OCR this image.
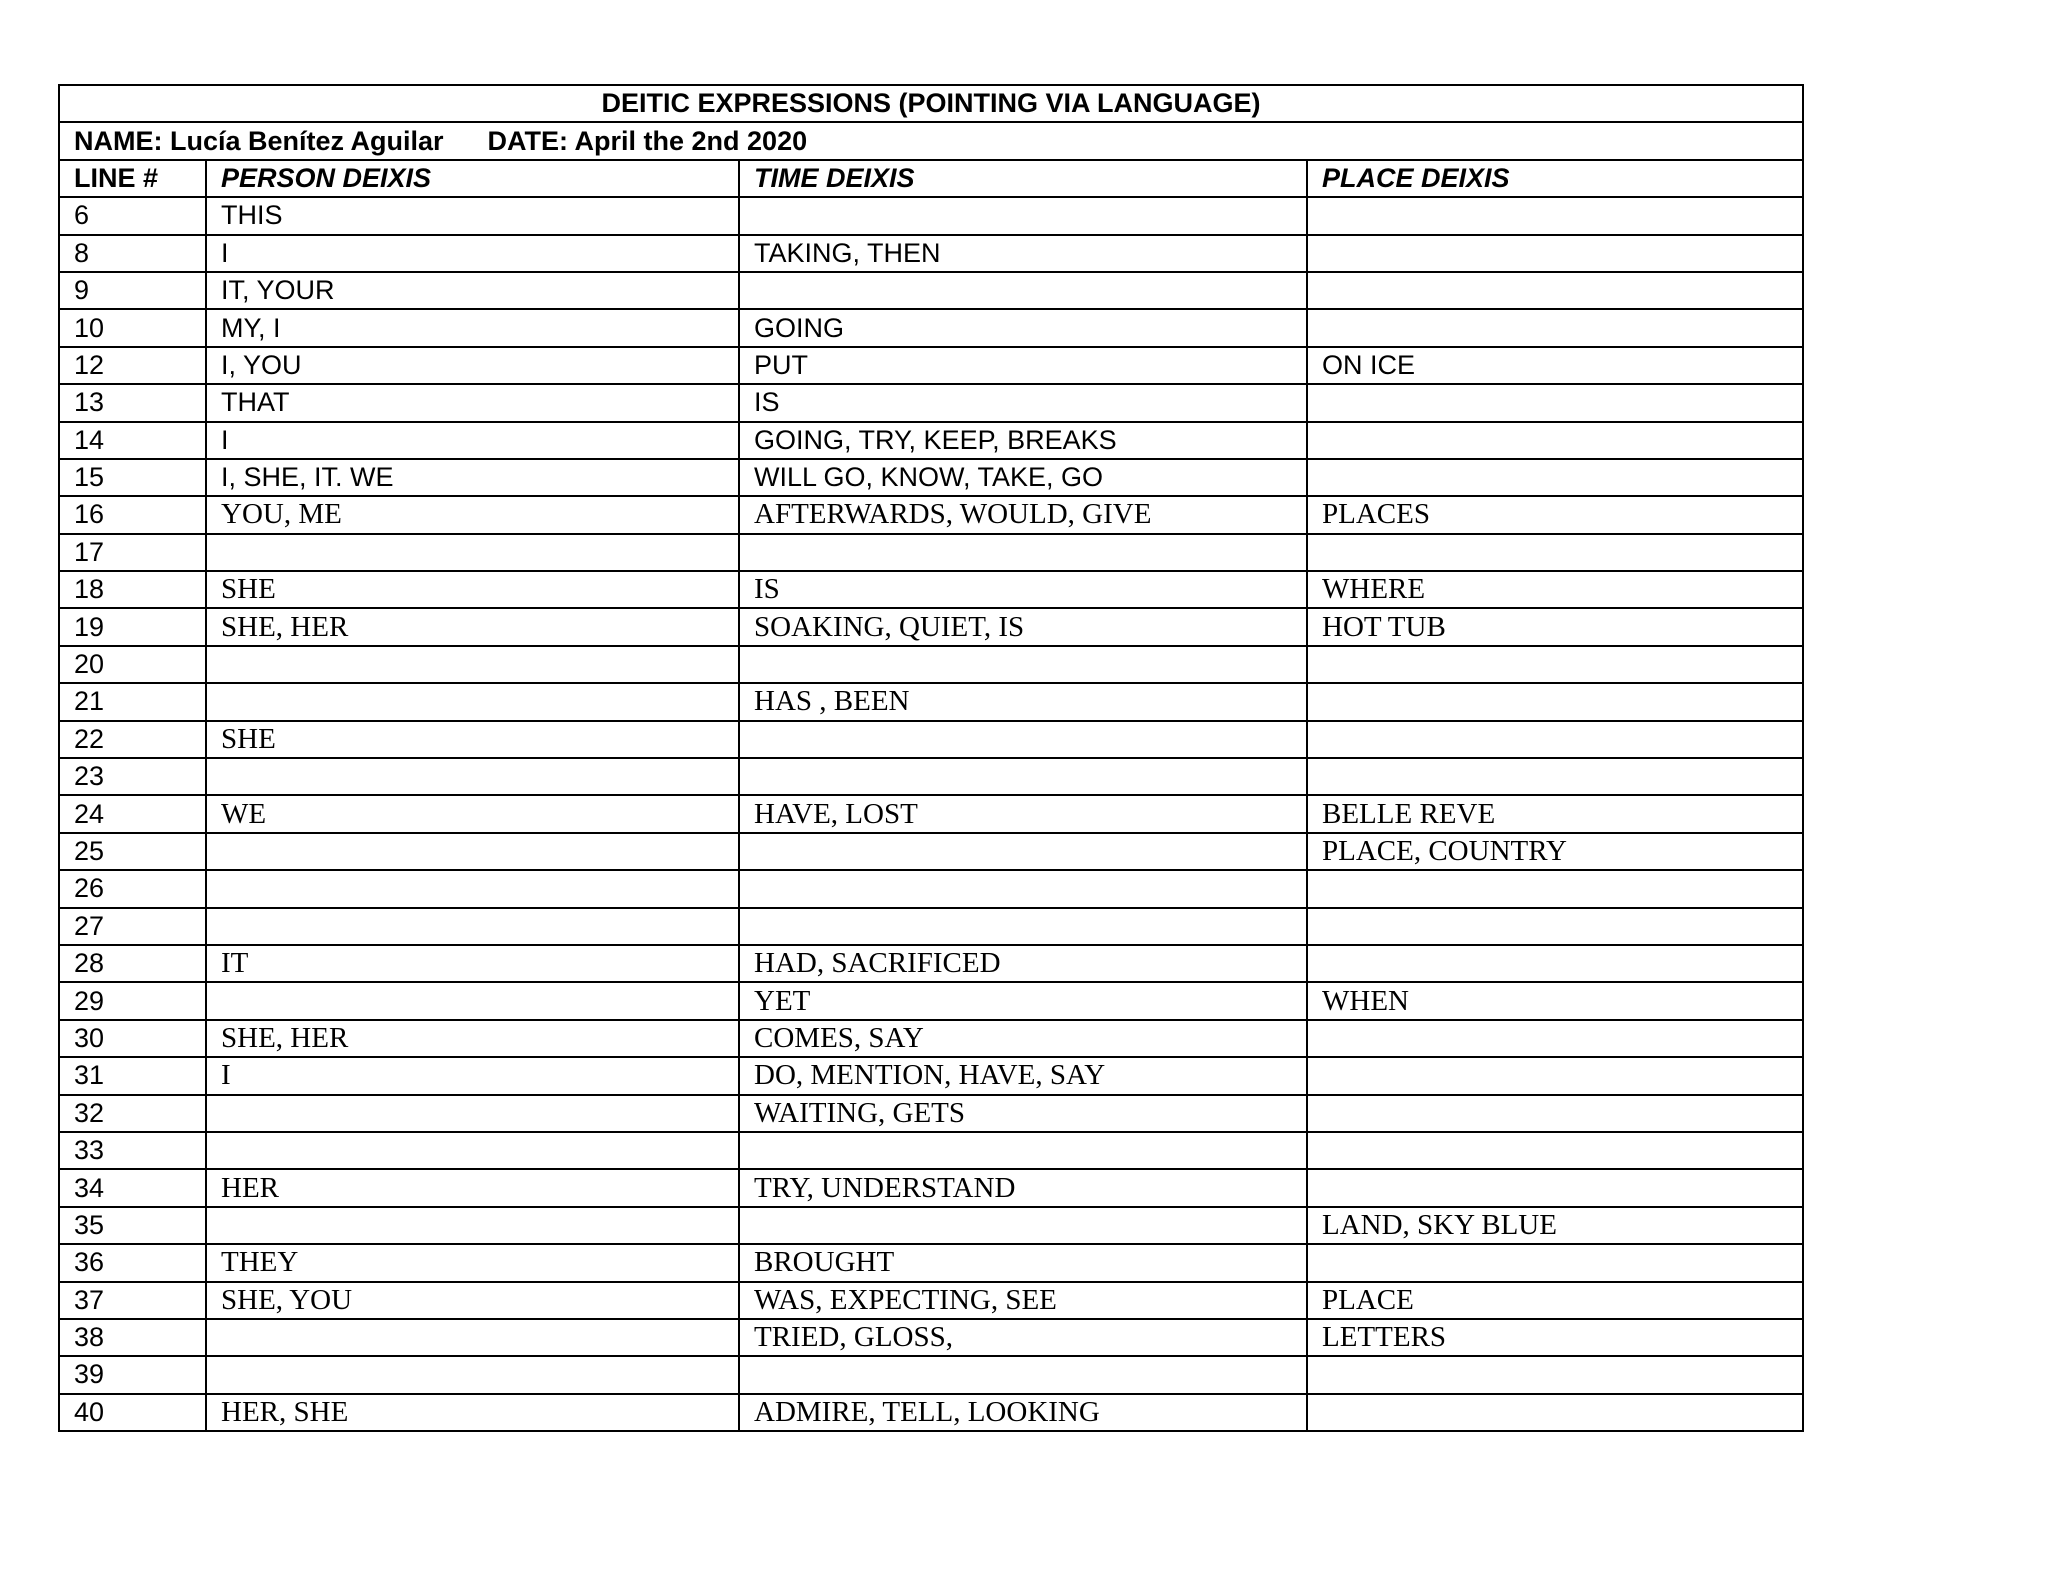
DEITIC EXPRESSIONS (POINTING VIA LANGUAGE)			
NAME: Lucía Benítez Aguilar DATE: April the 2nd 2020			
LINE #	PERSON DEIXIS	TIME DEIXIS	PLACE DEIXIS
6	THIS		
8	I	TAKING, THEN	
9	IT, YOUR		
10	MY, I	GOING	
12	I, YOU	PUT	ON ICE
13	THAT	IS	
14	I	GOING, TRY, KEEP, BREAKS	
15	I, SHE, IT. WE	WILL GO, KNOW, TAKE, GO	
16	YOU, ME	AFTERWARDS, WOULD, GIVE	PLACES
17			
18	SHE	IS	WHERE
19	SHE, HER	SOAKING, QUIET, IS	HOT TUB
20			
21		HAS , BEEN	
22	SHE		
23			
24	WE	HAVE, LOST	BELLE REVE
25			PLACE, COUNTRY
26			
27			
28	IT	HAD, SACRIFICED	
29		YET	WHEN
30	SHE, HER	COMES, SAY	
31	I	DO, MENTION, HAVE, SAY	
32		WAITING, GETS	
33			
34	HER	TRY, UNDERSTAND	
35			LAND, SKY BLUE
36	THEY	BROUGHT	
37	SHE, YOU	WAS, EXPECTING, SEE	PLACE
38		TRIED, GLOSS,	LETTERS
39			
40	HER, SHE	ADMIRE, TELL, LOOKING	
